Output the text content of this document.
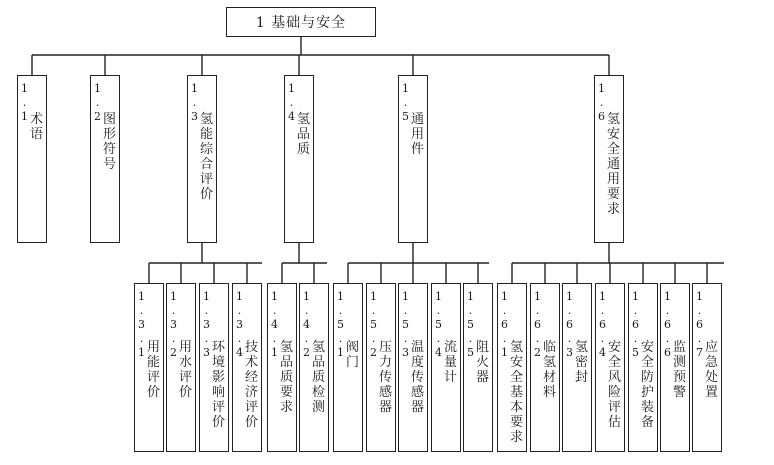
1 基础与安全
1
.
1 术
语
1
.
2 图
形
符
号
1
.
3 氢
能
综
合
评
价
1
.
4 氢
品
质
1
.
5 通
用
件
1
.
6 氢
安
全
通
用
要
求
1
.
3
.
1 用
能
评
价
1
.
3
.
2 用
水
评
价
1
.
3
.
3 环
境
影
响
评
价
1
.
3
.
4 技
术
经
济
评
价
1
.
4
.
1 氢
品
质
要
求
1
.
4
.
2 氢
品
质
检
测
1
.
5
.
1 阀
门
1
.
5
.
2 压
力
传
感
器
1
.
5
.
3 温
度
传
感
器
1
.
5
.
4 流
量
计
1
.
5
.
5 阻
火
器
1
.
6
.
1 氢
安
全
基
本
要
求
1
.
6
.
2 临
氢
材
料
1
.
6
.
3 氢
密
封
1
.
6
.
4 安
全
风
险
评
估
1
.
6
.
5 安
全
防
护
装
备
1
.
6
.
6 监
测
预
警
1
.
6
.
7 应
急
处
置
